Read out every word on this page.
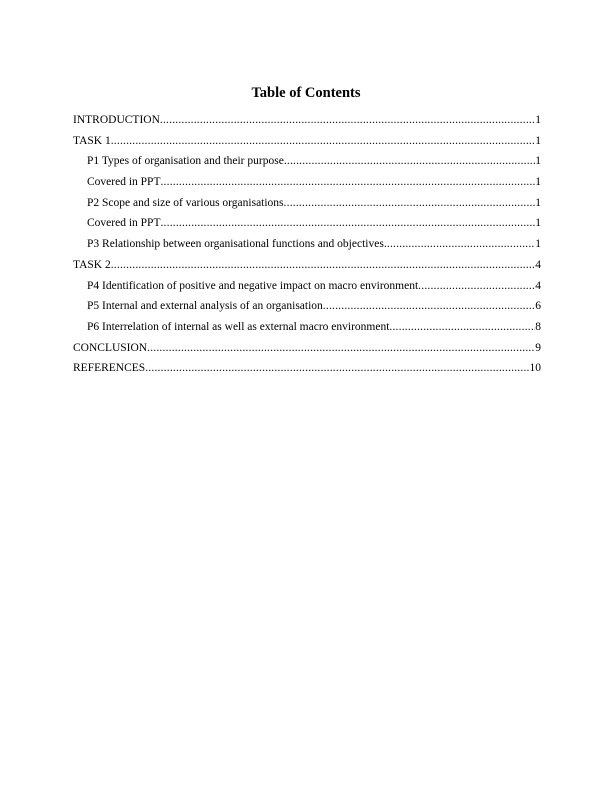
Table of Contents
INTRODUCTION .....	1
TASK 1 .....	1
P1 Types of organisation and their purpose .....	1
Covered in PPT .....	1
P2 Scope and size of various organisations .....	1
Covered in PPT .....	1
P3 Relationship between organisational functions and objectives .....	1
TASK 2 .....	4
P4 Identification of positive and negative impact on macro environment .....	4
P5 Internal and external analysis of an organisation .....	6
P6 Interrelation of internal as well as external macro environment .....	8
CONCLUSION .....	9
REFERENCES .....	10
